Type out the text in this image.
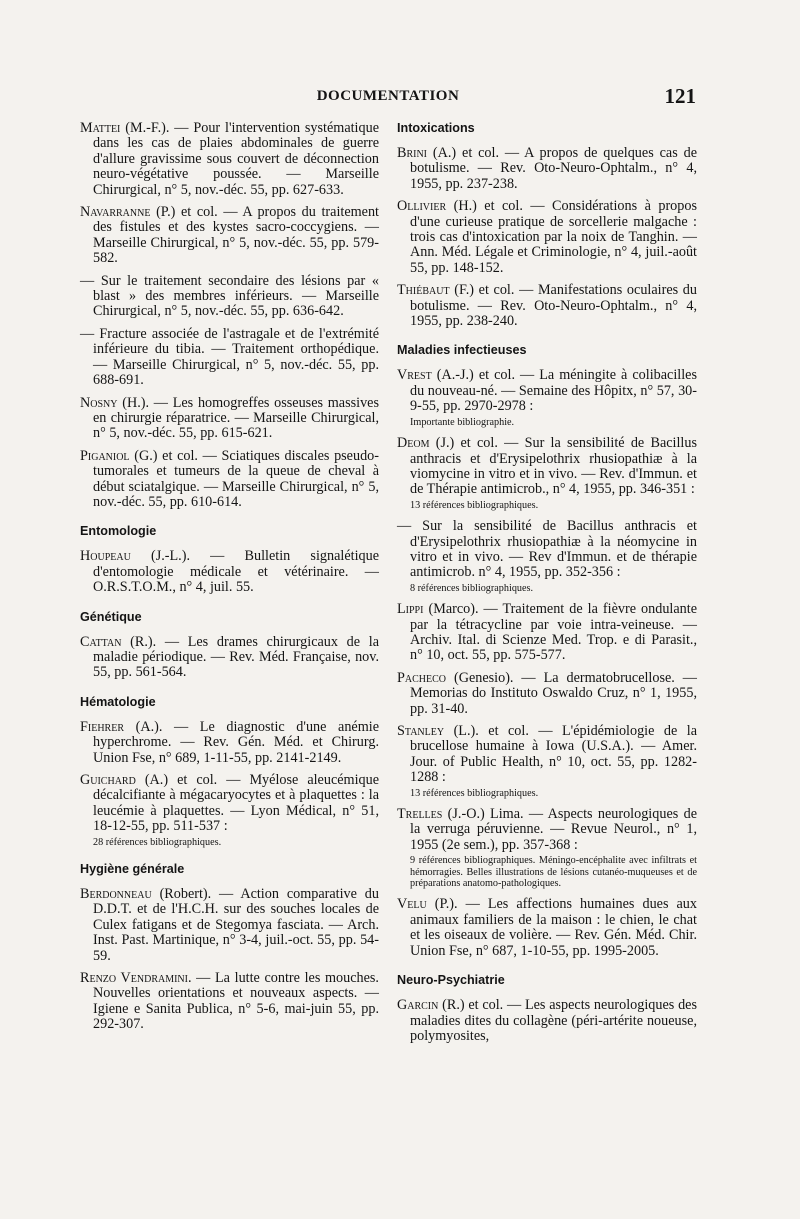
DOCUMENTATION	121

Mattei (M.-F.). — Pour l'intervention systématique dans les cas de plaies abdominales de guerre d'allure gravissime sous couvert de déconnection neuro-végétative poussée. — Marseille Chirurgical, n° 5, nov.-déc. 55, pp. 627-633.

Navarranne (P.) et col. — A propos du traitement des fistules et des kystes sacro-coccygiens. — Marseille Chirurgical, n° 5, nov.-déc. 55, pp. 579-582.

— Sur le traitement secondaire des lésions par « blast » des membres inférieurs. — Marseille Chirurgical, n° 5, nov.-déc. 55, pp. 636-642.

— Fracture associée de l'astragale et de l'extrémité inférieure du tibia. — Traitement orthopédique. — Marseille Chirurgical, n° 5, nov.-déc. 55, pp. 688-691.

Nosny (H.). — Les homogreffes osseuses massives en chirurgie réparatrice. — Marseille Chirurgical, n° 5, nov.-déc. 55, pp. 615-621.

Piganiol (G.) et col. — Sciatiques discales pseudo-tumorales et tumeurs de la queue de cheval à début sciatalgique. — Marseille Chirurgical, n° 5, nov.-déc. 55, pp. 610-614.

Entomologie

Houpeau (J.-L.). — Bulletin signalétique d'entomologie médicale et vétérinaire. — O.R.S.T.O.M., n° 4, juil. 55.

Génétique

Cattan (R.). — Les drames chirurgicaux de la maladie périodique. — Rev. Méd. Française, nov. 55, pp. 561-564.

Hématologie

Fiehrer (A.). — Le diagnostic d'une anémie hyperchrome. — Rev. Gén. Méd. et Chirurg. Union Fse, n° 689, 1-11-55, pp. 2141-2149.

Guichard (A.) et col. — Myélose aleucémique décalcifiante à mégacaryocytes et à plaquettes : la leucémie à plaquettes. — Lyon Médical, n° 51, 18-12-55, pp. 511-537 :

28 références bibliographiques.
Hygiène générale

Berdonneau (Robert). — Action comparative du D.D.T. et de l'H.C.H. sur des souches locales de Culex fatigans et de Stegomya fasciata. — Arch. Inst. Past. Martinique, n° 3-4, juil.-oct. 55, pp. 54-59.

Renzo Vendramini. — La lutte contre les mouches. Nouvelles orientations et nouveaux aspects. — Igiene e Sanita Publica, n° 5-6, mai-juin 55, pp. 292-307.

Intoxications

Brini (A.) et col. — A propos de quelques cas de botulisme. — Rev. Oto-Neuro-Ophtalm., n° 4, 1955, pp. 237-238.

Ollivier (H.) et col. — Considérations à propos d'une curieuse pratique de sorcellerie malgache : trois cas d'intoxication par la noix de Tanghin. — Ann. Méd. Légale et Criminologie, n° 4, juil.-août 55, pp. 148-152.

Thiébaut (F.) et col. — Manifestations oculaires du botulisme. — Rev. Oto-Neuro-Ophtalm., n° 4, 1955, pp. 238-240.

Maladies infectieuses

Vrest (A.-J.) et col. — La méningite à colibacilles du nouveau-né. — Semaine des Hôpitx, n° 57, 30-9-55, pp. 2970-2978 :

Importante bibliographie.

Deom (J.) et col. — Sur la sensibilité de Bacillus anthracis et d'Erysipelothrix rhusiopathiæ à la viomycine in vitro et in vivo. — Rev. d'Immun. et de Thérapie antimicrob., n° 4, 1955, pp. 346-351 :

13 références bibliographiques.

— Sur la sensibilité de Bacillus anthracis et d'Erysipelothrix rhusiopathiæ à la néomycine in vitro et in vivo. — Rev d'Immun. et de thérapie antimicrob. n° 4, 1955, pp. 352-356 :

8 références bibliographiques.

Lippi (Marco). — Traitement de la fièvre ondulante par la tétracycline par voie intra-veineuse. — Archiv. Ital. di Scienze Med. Trop. e di Parasit., n° 10, oct. 55, pp. 575-577.

Pacheco (Genesio). — La dermatobrucellose. — Memorias do Instituto Oswaldo Cruz, n° 1, 1955, pp. 31-40.

Stanley (L.). et col. — L'épidémiologie de la brucellose humaine à Iowa (U.S.A.). — Amer. Jour. of Public Health, n° 10, oct. 55, pp. 1282-1288 :

13 références bibliographiques.

Trelles (J.-O.) Lima. — Aspects neurologiques de la verruga péruvienne. — Revue Neurol., n° 1, 1955 (2e sem.), pp. 357-368 :

9 références bibliographiques. Méningo-encéphalite avec infiltrats et hémorragies. Belles illustrations de lésions cutanéo-muqueuses et de préparations anatomo-pathologiques.

Velu (P.). — Les affections humaines dues aux animaux familiers de la maison : le chien, le chat et les oiseaux de volière. — Rev. Gén. Méd. Chir. Union Fse, n° 687, 1-10-55, pp. 1995-2005.

Neuro-Psychiatrie

Garcin (R.) et col. — Les aspects neurologiques des maladies dites du collagène (péri-artérite noueuse, polymyosites,
